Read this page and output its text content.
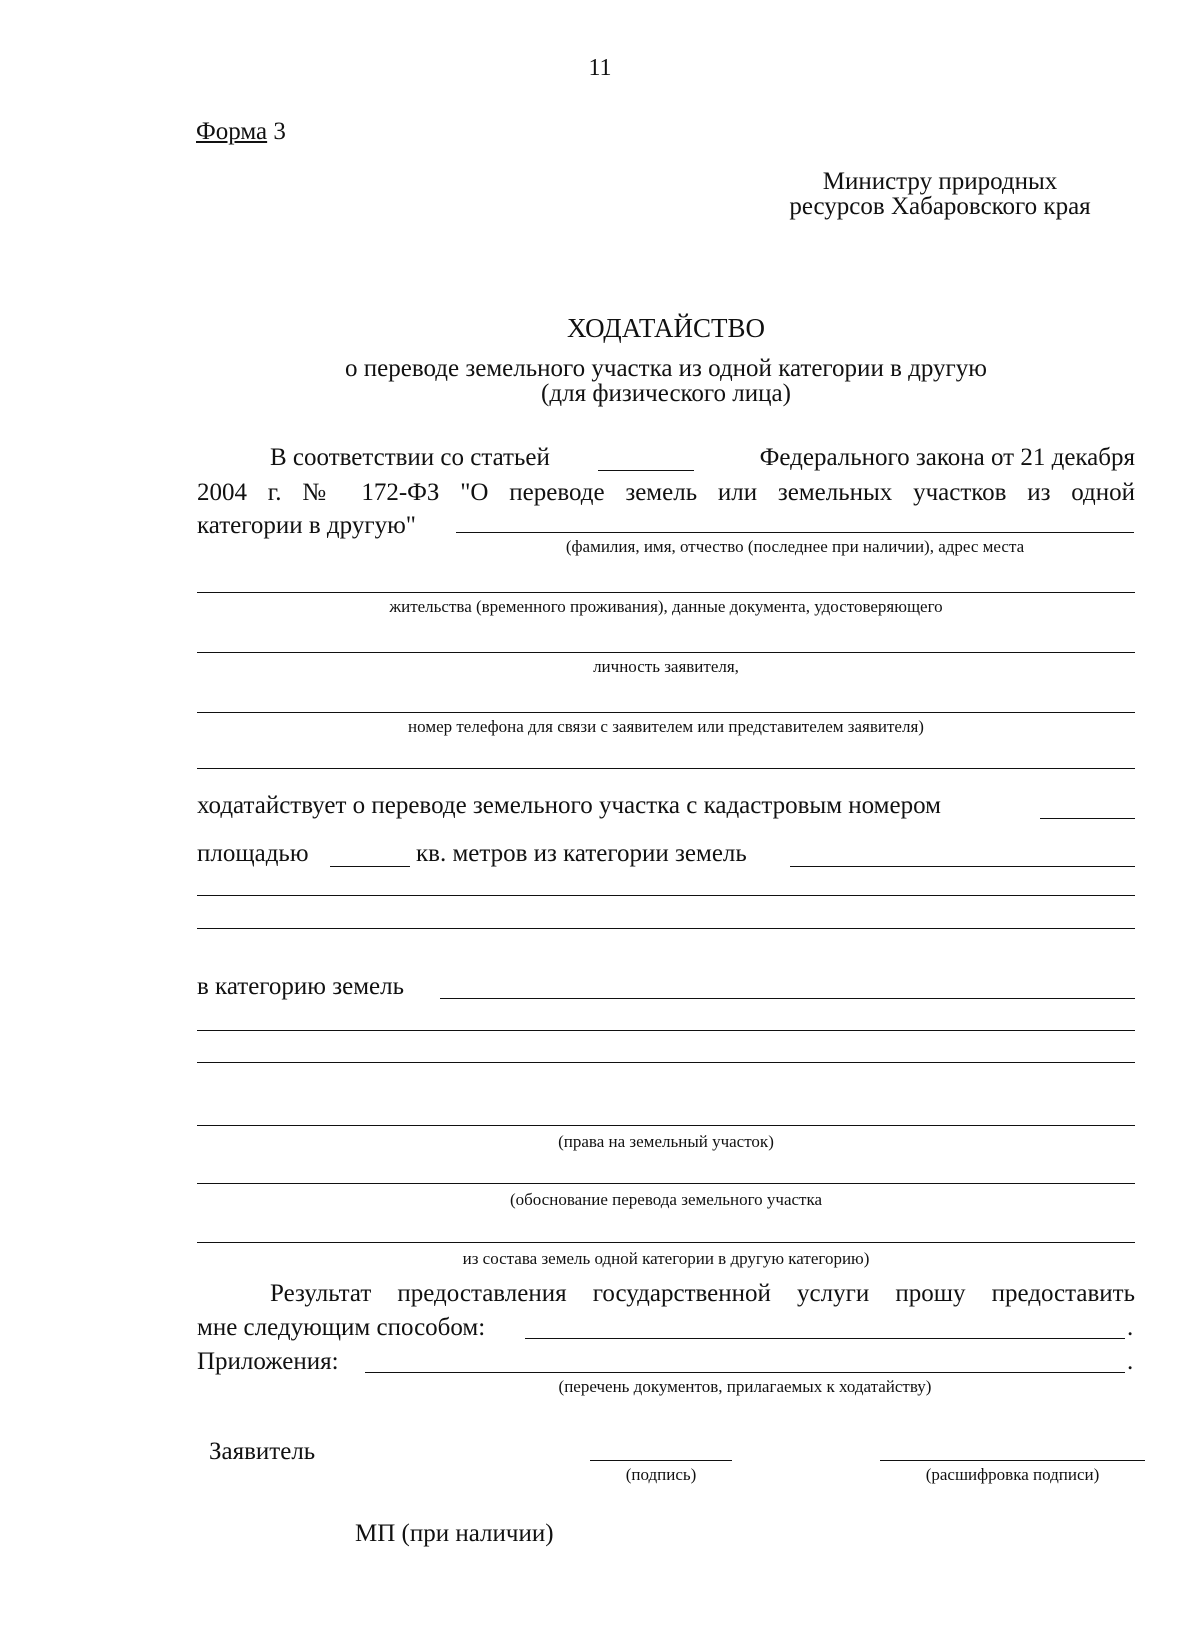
11
Форма 3
Министру природных
ресурсов Хабаровского края
ХОДАТАЙСТВО
о переводе земельного участка из одной категории в другую
(для физического лица)
В соответствии со статьей	Федерального закона от 21 декабря
2004 г. № 172-ФЗ "О переводе земель или земельных участков из одной
категории в другую"
(фамилия, имя, отчество (последнее при наличии), адрес места
жительства (временного проживания), данные документа, удостоверяющего
личность заявителя,
номер телефона для связи с заявителем или представителем заявителя)
ходатайствует о переводе земельного участка с кадастровым номером
площадью	кв. метров из категории земель
в категорию земель
(права на земельный участок)
(обоснование перевода земельного участка
из состава земель одной категории в другую категорию)
Результат предоставления государственной услуги прошу предоставить
мне следующим способом:	.
Приложения:	.
(перечень документов, прилагаемых к ходатайству)
Заявитель
(подпись)	(расшифровка подписи)
МП (при наличии)
